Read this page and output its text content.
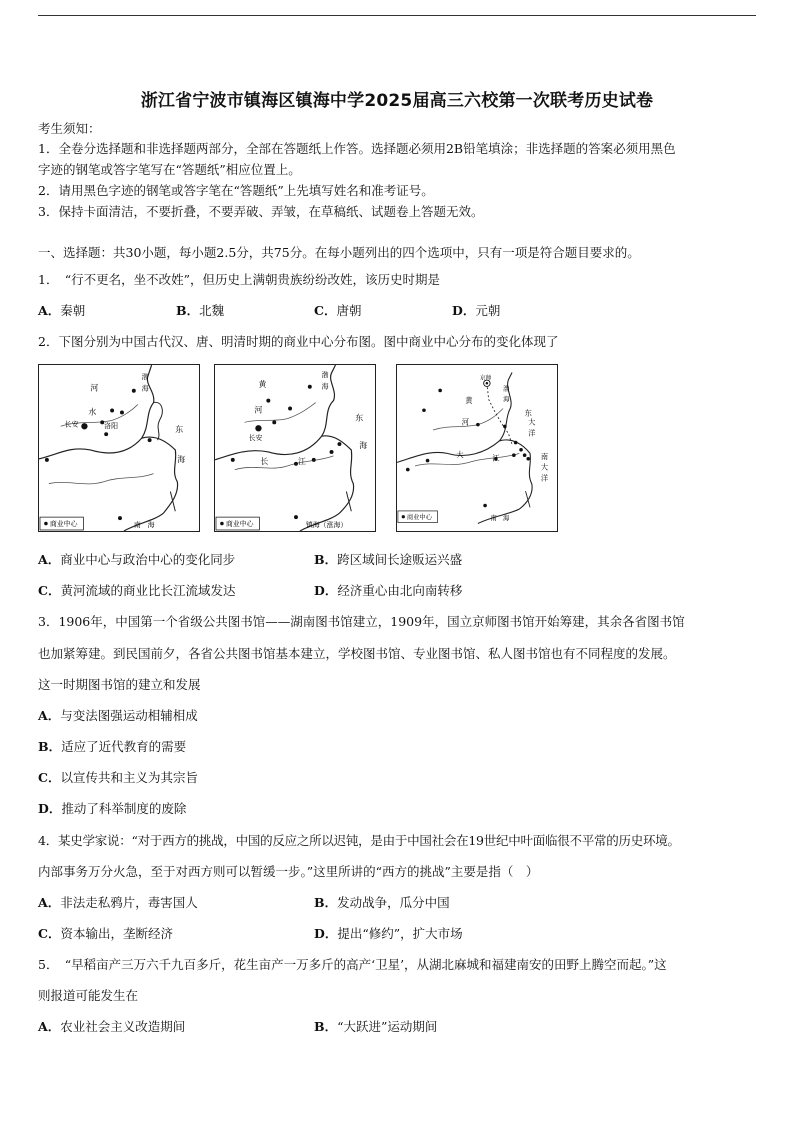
浙江省宁波市镇海区镇海中学2025届高三六校第一次联考历史试卷
考生须知：
1．全卷分选择题和非选择题两部分，全部在答题纸上作答。选择题必须用2B铅笔填涂；非选择题的答案必须用黑色
字迹的钢笔或答字笔写在“答题纸”相应位置上。
2．请用黑色字迹的钢笔或答字笔在“答题纸”上先填写姓名和准考证号。
3．保持卡面清洁，不要折叠，不要弄破、弄皱，在草稿纸、试题卷上答题无效。
一、选择题：共30小题，每小题2.5分，共75分。在每小题列出的四个选项中，只有一项是符合题目要求的。
1．　“行不更名，坐不改姓”，但历史上满朝贵族纷纷改姓，该历史时期是
A．秦朝	B．北魏	C．唐朝	D．元朝
2．下图分别为中国古代汉、唐、明清时期的商业中心分布图。图中商业中心分布的变化体现了
河
水
长安	洛阳
渤
海
东
海
南　海
商业中心
黄
河
长安
渤
海
东
海
长	江
镇海（涨海）
商业中心
京师
黄
河
渤
海
东
大
洋
南
大
洋
大	江
南　海
商业中心
A．商业中心与政治中心的变化同步	B．跨区域间长途贩运兴盛
C．黄河流域的商业比长江流域发达	D．经济重心由北向南转移
3．1906年，中国第一个省级公共图书馆——湖南图书馆建立，1909年，国立京师图书馆开始筹建，其余各省图书馆
也加紧筹建。到民国前夕，各省公共图书馆基本建立，学校图书馆、专业图书馆、私人图书馆也有不同程度的发展。
这一时期图书馆的建立和发展
A．与变法图强运动相辅相成
B．适应了近代教育的需要
C．以宣传共和主义为其宗旨
D．推动了科举制度的废除
4．某史学家说：“对于西方的挑战，中国的反应之所以迟钝，是由于中国社会在19世纪中叶面临很不平常的历史环境。
内部事务万分火急，至于对西方则可以暂缓一步。”这里所讲的“西方的挑战”主要是指（　）
A．非法走私鸦片，毒害国人	B．发动战争，瓜分中国
C．资本输出，垄断经济	D．提出“修约”，扩大市场
5．　“早稻亩产三万六千九百多斤，花生亩产一万多斤的高产‘卫星’，从湖北麻城和福建南安的田野上腾空而起。”这
则报道可能发生在
A．农业社会主义改造期间	B．“大跃进”运动期间
